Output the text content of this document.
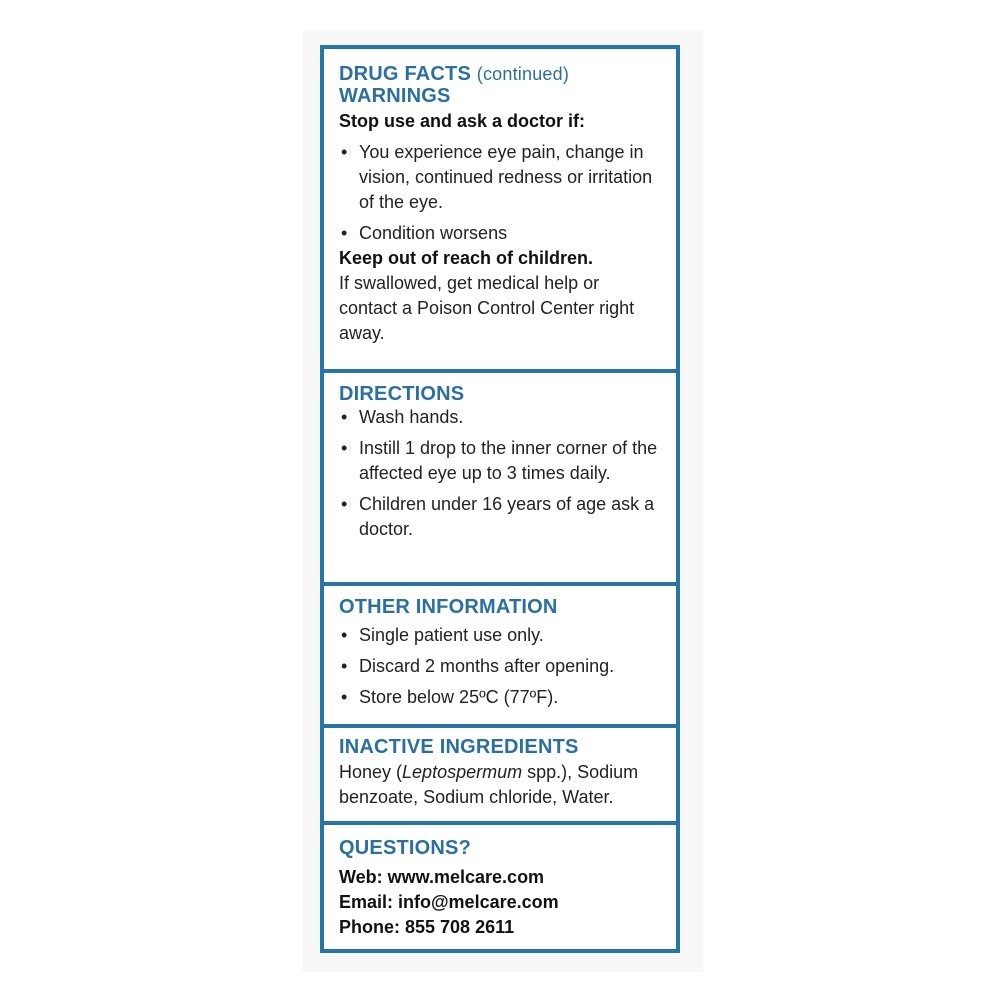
DRUG FACTS (continued)

WARNINGS

Stop use and ask a doctor if:
• You experience eye pain, change in vision, continued redness or irritation of the eye.
• Condition worsens
Keep out of reach of children.
If swallowed, get medical help or contact a Poison Control Center right away.

DIRECTIONS

• Wash hands.
• Instill 1 drop to the inner corner of the affected eye up to 3 times daily.
• Children under 16 years of age ask a doctor.

OTHER INFORMATION

• Single patient use only.
• Discard 2 months after opening.
• Store below 25ºC (77ºF).

INACTIVE INGREDIENTS

Honey (Leptospermum spp.), Sodium benzoate, Sodium chloride, Water.

QUESTIONS?

Web: www.melcare.com
Email: info@melcare.com
Phone: 855 708 2611
